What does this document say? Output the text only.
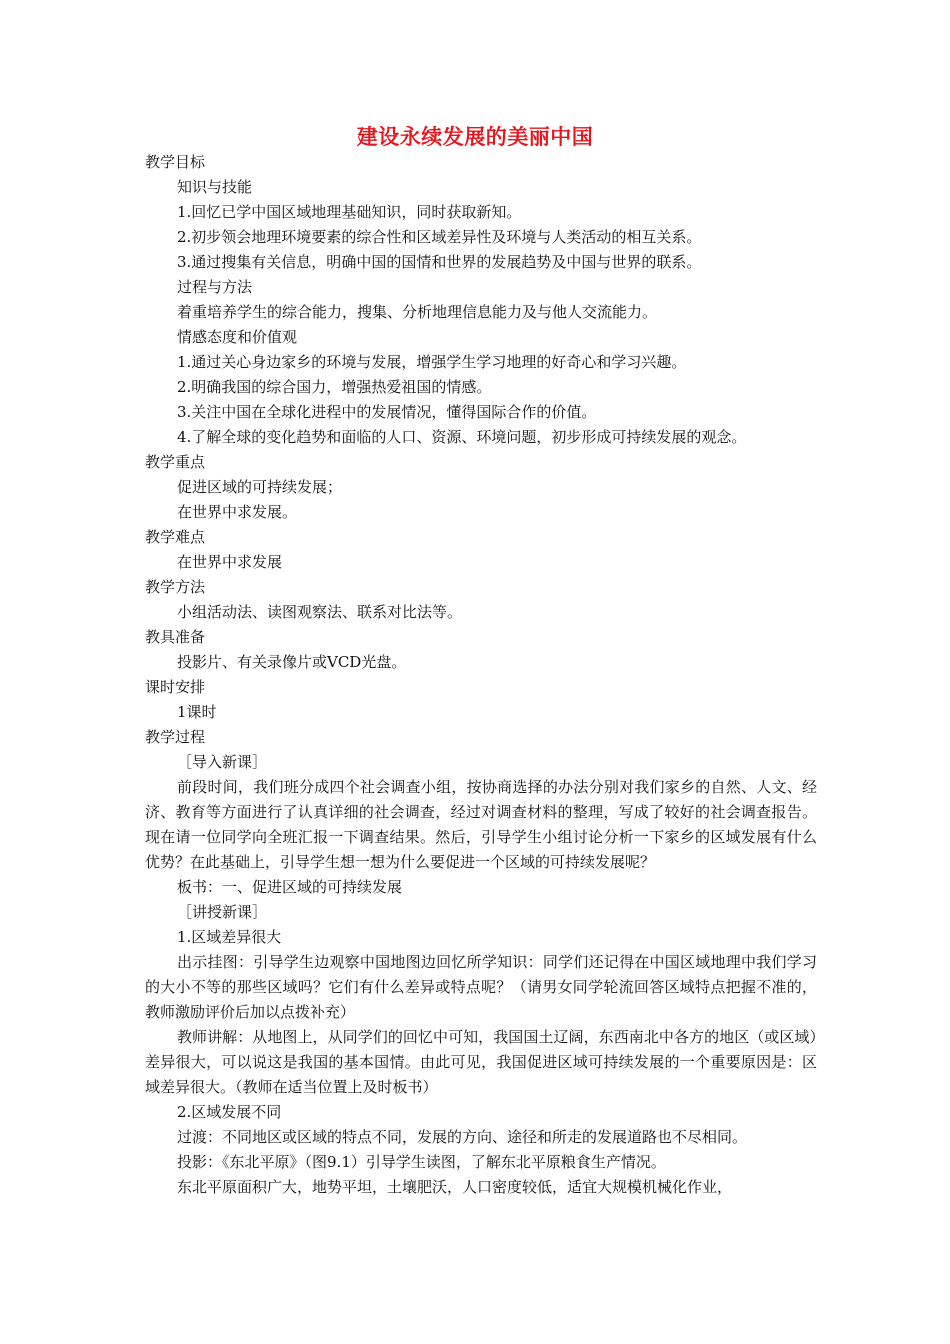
建设永续发展的美丽中国
教学目标
知识与技能
1.回忆已学中国区域地理基础知识，同时获取新知。
2.初步领会地理环境要素的综合性和区域差异性及环境与人类活动的相互关系。
3.通过搜集有关信息，明确中国的国情和世界的发展趋势及中国与世界的联系。
过程与方法
着重培养学生的综合能力，搜集、分析地理信息能力及与他人交流能力。
情感态度和价值观
1.通过关心身边家乡的环境与发展，增强学生学习地理的好奇心和学习兴趣。
2.明确我国的综合国力，增强热爱祖国的情感。
3.关注中国在全球化进程中的发展情况，懂得国际合作的价值。
4.了解全球的变化趋势和面临的人口、资源、环境问题，初步形成可持续发展的观念。
教学重点
促进区域的可持续发展；
在世界中求发展。
教学难点
在世界中求发展
教学方法
小组活动法、读图观察法、联系对比法等。
教具准备
投影片、有关录像片或VCD光盘。
课时安排
1课时
教学过程
［导入新课］
前段时间，我们班分成四个社会调查小组，按协商选择的办法分别对我们家乡的自然、人文、经济、教育等方面进行了认真详细的社会调查，经过对调查材料的整理，写成了较好的社会调查报告。现在请一位同学向全班汇报一下调查结果。然后，引导学生小组讨论分析一下家乡的区域发展有什么优势？在此基础上，引导学生想一想为什么要促进一个区域的可持续发展呢？
板书：一、促进区域的可持续发展
［讲授新课］
1.区域差异很大
出示挂图：引导学生边观察中国地图边回忆所学知识：同学们还记得在中国区域地理中我们学习的大小不等的那些区域吗？它们有什么差异或特点呢？（请男女同学轮流回答区域特点把握不准的，教师激励评价后加以点拨补充）
教师讲解：从地图上，从同学们的回忆中可知，我国国土辽阔，东西南北中各方的地区（或区域）差异很大，可以说这是我国的基本国情。由此可见，我国促进区域可持续发展的一个重要原因是：区域差异很大。（教师在适当位置上及时板书）
2.区域发展不同
过渡：不同地区或区域的特点不同，发展的方向、途径和所走的发展道路也不尽相同。
投影：《东北平原》（图9.1）引导学生读图，了解东北平原粮食生产情况。
东北平原面积广大，地势平坦，土壤肥沃，人口密度较低，适宜大规模机械化作业，
